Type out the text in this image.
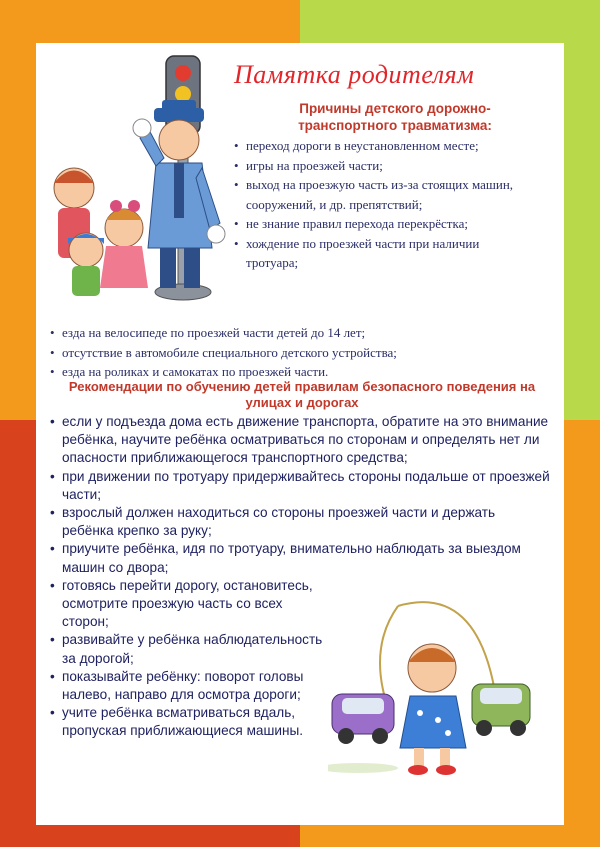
Памятка родителям
Причины детского дорожно-транспортного травматизма:
• переход дороги в неустановленном месте;
• игры на проезжей части;
• выход на проезжую часть из-за стоящих машин, сооружений, и др. препятствий;
• не знание правил перехода перекрёстка;
• хождение по проезжей части при наличии тротуара;
• езда на велосипеде по проезжей части детей до 14 лет;
• отсутствие в автомобиле специального детского устройства;
• езда на роликах и самокатах по проезжей части.
Рекомендации по обучению детей правилам безопасного поведения на улицах и дорогах
• если у подъезда дома есть движение транспорта, обратите на это внимание ребёнка, научите ребёнка осматриваться по сторонам и определять нет ли опасности приближающегося транспортного средства;
• при движении по тротуару придерживайтесь стороны подальше от проезжей части;
• взрослый должен находиться со стороны проезжей части и держать ребёнка крепко за руку;
• приучите ребёнка, идя по тротуару, внимательно наблюдать за выездом машин со двора;
• готовясь перейти дорогу, остановитесь, осмотрите проезжую часть со всех сторон;
• развивайте у ребёнка наблюдательность за дорогой;
• показывайте ребёнку: поворот головы налево, направо для осмотра дороги;
• учите ребёнка всматриваться вдаль, пропуская приближающиеся машины.
